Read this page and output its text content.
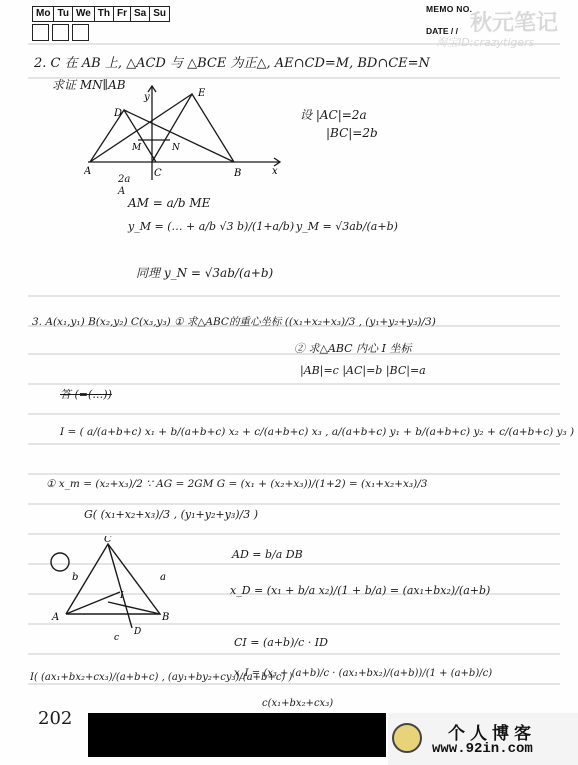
Mo Tu We Th Fr Sa Su	MEMO NO.
DATE / / 秋元笔记
淘宝ID:crazytigers
2. C 在 AB 上, △ACD 与 △BCE 为正△, AE∩CD=M, BD∩CE=N
求证 MN∥AB
D
E
y
M	N
A	C	B	x
2a
A
设 |AC|=2a
|BC|=2b
AM = a/b ME
y_M = (… + a/b √3 b)/(1+a/b) y_M = √3ab/(a+b)
同理 y_N = √3ab/(a+b)
3. A(x₁,y₁) B(x₂,y₂) C(x₃,y₃) ① 求△ABC的重心坐标 ((x₁+x₂+x₃)/3 , (y₁+y₂+y₃)/3)
② 求△ABC 内心 I 坐标
|AB|=c |AC|=b |BC|=a
答 (=(…))
I = ( a/(a+b+c) x₁ + b/(a+b+c) x₂ + c/(a+b+c) x₃ , a/(a+b+c) y₁ + b/(a+b+c) y₂ + c/(a+b+c) y₃ )
① x_m = (x₂+x₃)/2 ∵ AG = 2GM G = (x₁ + (x₂+x₃))/(1+2) = (x₁+x₂+x₃)/3
G( (x₁+x₂+x₃)/3 , (y₁+y₂+y₃)/3 )
C
b	a
A	B
I
D
c
AD = b/a DB
x_D = (x₁ + b/a x₂)/(1 + b/a) = (ax₁+bx₂)/(a+b)
CI = (a+b)/c · ID
x_I = (x₃ + (a+b)/c · (ax₁+bx₂)/(a+b))/(1 + (a+b)/c)
I( (ax₁+bx₂+cx₃)/(a+b+c) , (ay₁+by₂+cy₃)/(a+b+c) )
c(x₁+bx₂+cx₃)
202
个人博客
www.92in.com
